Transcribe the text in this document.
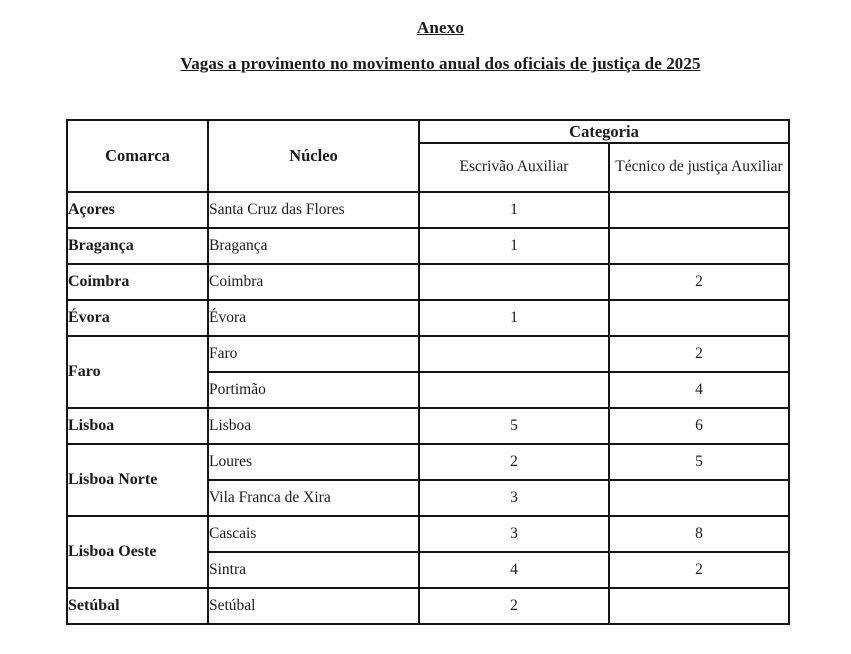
Anexo
Vagas a provimento no movimento anual dos oficiais de justiça de 2025
Comarca	Núcleo	Categoria	
		Escrivão Auxiliar	Técnico de justiça Auxiliar
Açores	Santa Cruz das Flores	1	
Bragança	Bragança	1	
Coimbra	Coimbra		2
Évora	Évora	1	
Faro	Faro		2
	Portimão		4
Lisboa	Lisboa	5	6
Lisboa Norte	Loures	2	5
	Vila Franca de Xira	3	
Lisboa Oeste	Cascais	3	8
	Sintra	4	2
Setúbal	Setúbal	2	
